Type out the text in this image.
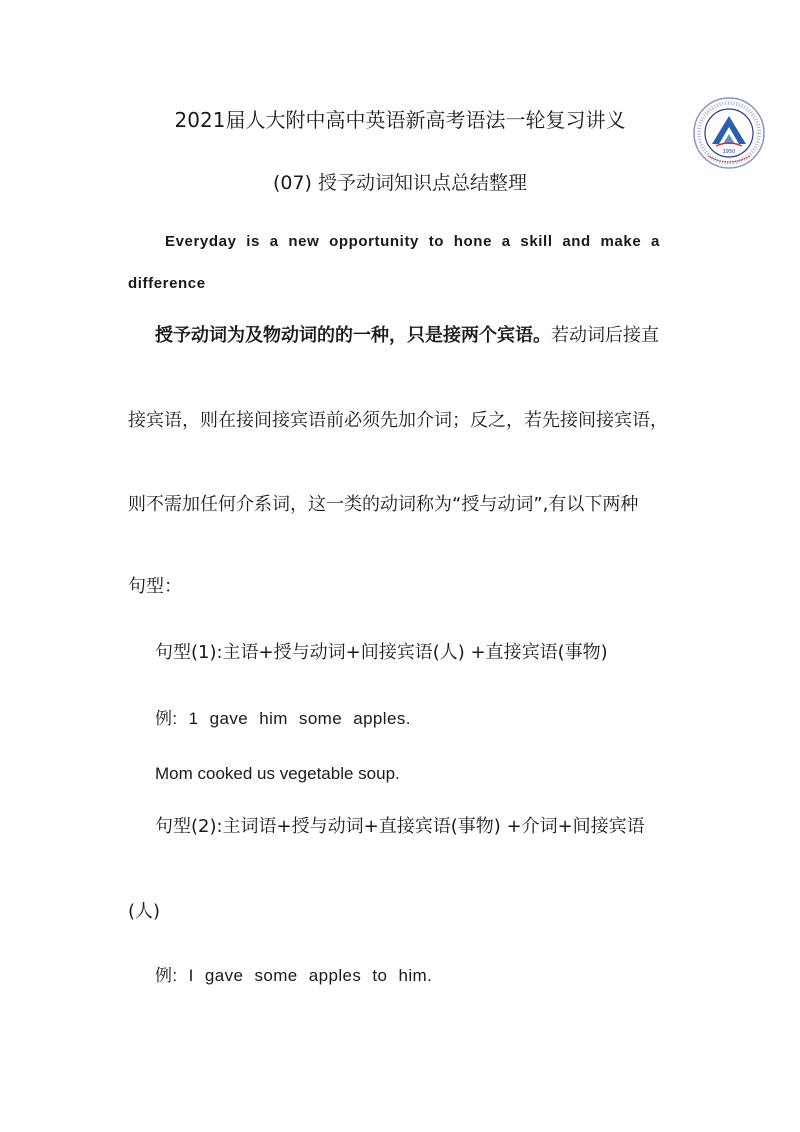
1950
2021届人大附中高中英语新高考语法一轮复习讲义
(07) 授予动词知识点总结整理
Everyday is a new opportunity to hone a skill and make a
difference
授予动词为及物动词的的一种，只是接两个宾语。若动词后接直
接宾语，则在接间接宾语前必须先加介词；反之，若先接间接宾语，
则不需加任何介系词，这一类的动词称为“授与动词”,有以下两种
句型：
句型(1):主语+授与动词+间接宾语(人) +直接宾语(事物)
例: 1 gave him some apples.
Mom cooked us vegetable soup.
句型(2):主词语+授与动词+直接宾语(事物) +介词+间接宾语
(人)
例: I gave some apples to him.
